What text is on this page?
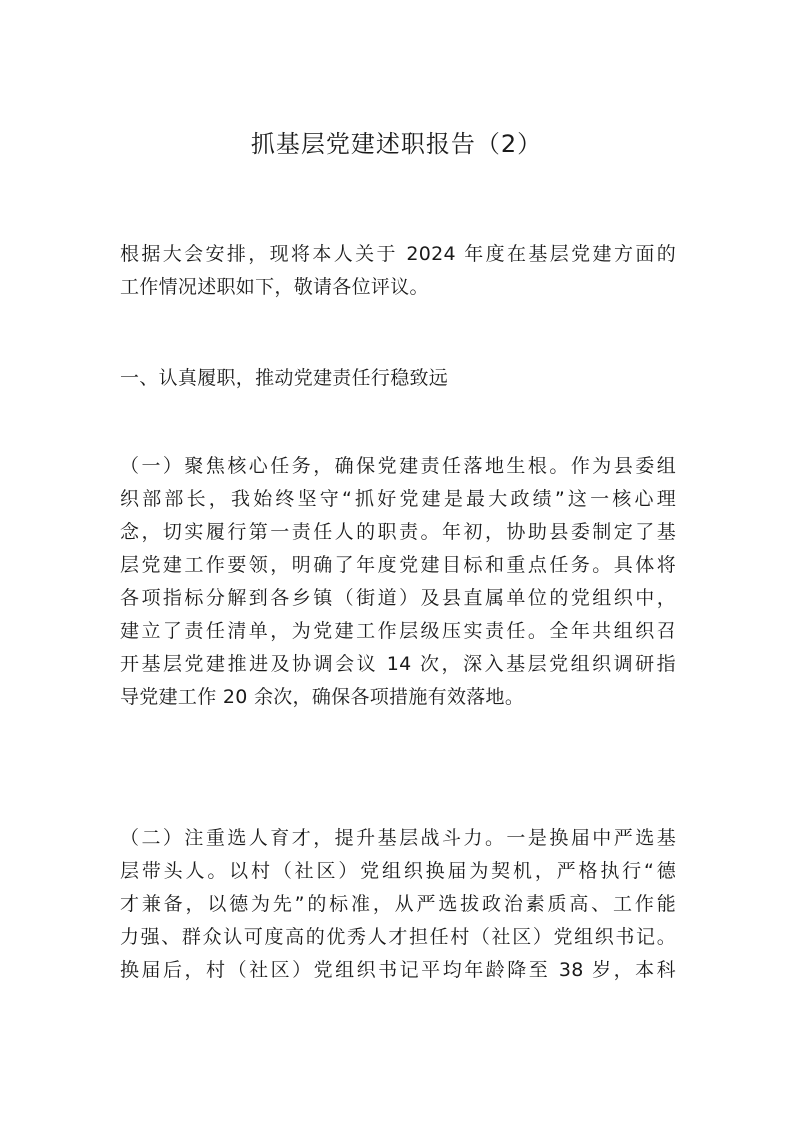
抓基层党建述职报告（2）
根据大会安排，现将本人关于 2024 年度在基层党建方面的
工作情况述职如下，敬请各位评议。
一、认真履职，推动党建责任行稳致远
（一）聚焦核心任务，确保党建责任落地生根。作为县委组
织部部长，我始终坚守“抓好党建是最大政绩”这一核心理
念，切实履行第一责任人的职责。年初，协助县委制定了基
层党建工作要领，明确了年度党建目标和重点任务。具体将
各项指标分解到各乡镇（街道）及县直属单位的党组织中，
建立了责任清单，为党建工作层级压实责任。全年共组织召
开基层党建推进及协调会议 14 次，深入基层党组织调研指
导党建工作 20 余次，确保各项措施有效落地。
（二）注重选人育才，提升基层战斗力。一是换届中严选基
层带头人。以村（社区）党组织换届为契机，严格执行“德
才兼备，以德为先”的标准，从严选拔政治素质高、工作能
力强、群众认可度高的优秀人才担任村（社区）党组织书记。
换届后，村（社区）党组织书记平均年龄降至 38 岁，本科
